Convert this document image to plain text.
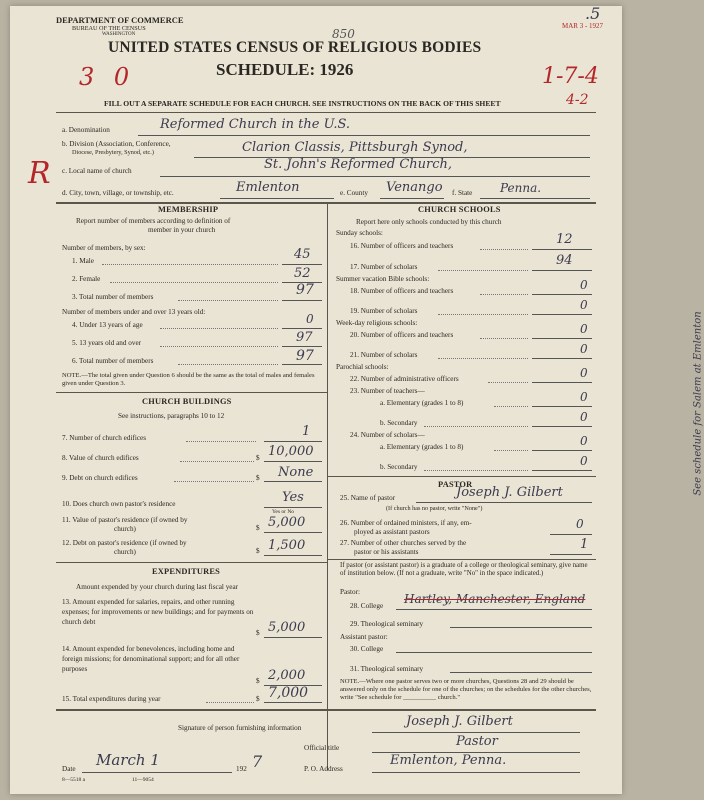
DEPARTMENT OF COMMERCE
BUREAU OF THE CENSUS
WASHINGTON	850
MAR 3 - 1927
.5
UNITED STATES CENSUS OF RELIGIOUS BODIES
SCHEDULE: 1926
3 0	1-7-4
FILL OUT A SEPARATE SCHEDULE FOR EACH CHURCH. SEE INSTRUCTIONS ON THE BACK OF THIS SHEET	4-2
R
a. Denomination	Reformed Church in the U.S.
b. Division (Association, Conference,
Diocese, Presbytery, Synod, etc.)	Clarion Classis, Pittsburgh Synod,
c. Local name of church	St. John's Reformed Church,
d. City, town, village, or township, etc.	Emlenton	e. County Venango f. State Penna.
MEMBERSHIP
Report number of members according to definition of
member in your church
Number of members, by sex:
1. Male	45
2. Female	52
3. Total number of members	97
Number of members under and over 13 years old:
4. Under 13 years of age	0
5. 13 years old and over	97
6. Total number of members	97
NOTE.—The total given under Question 6 should be the same as the total of males and females given under Question 3.
CHURCH BUILDINGS
See instructions, paragraphs 10 to 12
7. Number of church edifices	1
8. Value of church edifices	$ 10,000
9. Debt on church edifices	$ None
10. Does church own pastor's residence	Yes
Yes or No
11. Value of pastor's residence (if owned by
church)	$ 5,000
12. Debt on pastor's residence (if owned by
church)	$ 1,500
EXPENDITURES
Amount expended by your church during last fiscal year
13. Amount expended for salaries, repairs, and other running expenses; for improvements or new buildings; and for payments on church debt
$ 5,000
14. Amount expended for benevolences, including home and foreign missions; for denominational support; and for all other purposes
$ 2,000
15. Total expenditures during year	$ 7,000
CHURCH SCHOOLS
Report here only schools conducted by this church
Sunday schools:
16. Number of officers and teachers	12
17. Number of scholars	94
Summer vacation Bible schools:
18. Number of officers and teachers	0
19. Number of scholars	0
Week-day religious schools:
20. Number of officers and teachers	0
21. Number of scholars	0
Parochial schools:
22. Number of administrative officers	0
23. Number of teachers—
a. Elementary (grades 1 to 8)	0
b. Secondary	0
24. Number of scholars—
a. Elementary (grades 1 to 8)	0
b. Secondary	0
PASTOR
25. Name of pastor	Joseph J. Gilbert
(If church has no pastor, write "None")
26. Number of ordained ministers, if any, em-
ployed as assistant pastors
0
27. Number of other churches served by the
pastor or his assistants	1
If pastor (or assistant pastor) is a graduate of a college or theological seminary, give name of institution below. (If not a graduate, write "No" in the space indicated.)
Pastor:
28. College Hartley, Manchester, England
29. Theological seminary
Assistant pastor:
30. College
31. Theological seminary
NOTE.—Where one pastor serves two or more churches, Questions 28 and 29 should be answered only on the schedule for one of the churches; on the schedules for the other churches, write "See schedule for __________ church."
See schedule for Salem at Emlenton
Signature of person furnishing information	Joseph J. Gilbert
Official title	Pastor
Date March 1	192 7	P. O. Address
Emlenton, Penna.
8—5518 a	11—9054
